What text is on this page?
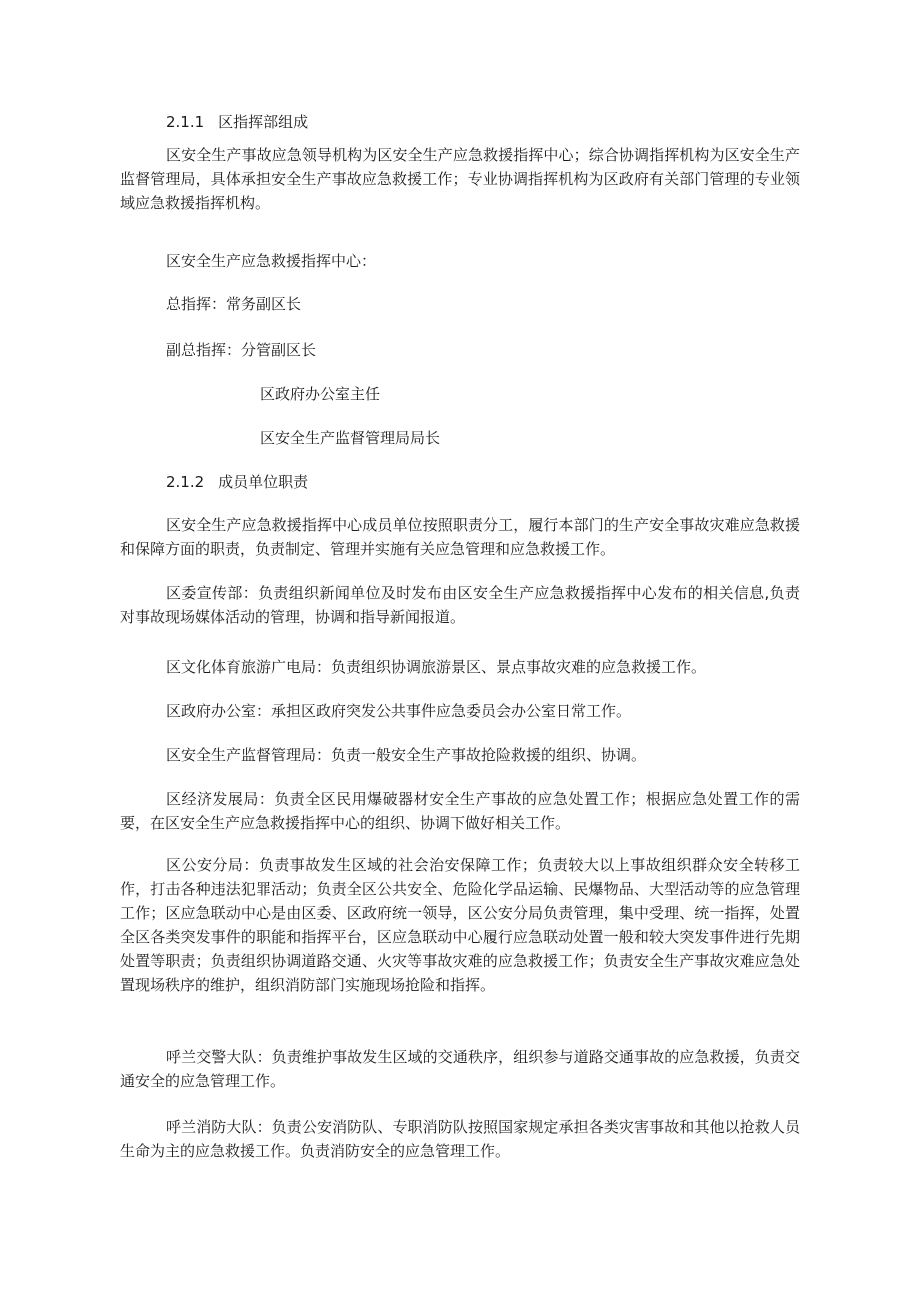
2.1.1 区指挥部组成

区安全生产事故应急领导机构为区安全生产应急救援指挥中心；综合协调指挥机构为区安全生产监督管理局，具体承担安全生产事故应急救援工作；专业协调指挥机构为区政府有关部门管理的专业领域应急救援指挥机构。

区安全生产应急救援指挥中心：
总指挥：常务副区长
副总指挥：分管副区长
区政府办公室主任
区安全生产监督管理局局长
2.1.2 成员单位职责

区安全生产应急救援指挥中心成员单位按照职责分工，履行本部门的生产安全事故灾难应急救援和保障方面的职责，负责制定、管理并实施有关应急管理和应急救援工作。

区委宣传部：负责组织新闻单位及时发布由区安全生产应急救援指挥中心发布的相关信息,负责对事故现场媒体活动的管理，协调和指导新闻报道。

区文化体育旅游广电局：负责组织协调旅游景区、景点事故灾难的应急救援工作。

区政府办公室：承担区政府突发公共事件应急委员会办公室日常工作。

区安全生产监督管理局：负责一般安全生产事故抢险救援的组织、协调。

区经济发展局：负责全区民用爆破器材安全生产事故的应急处置工作；根据应急处置工作的需要，在区安全生产应急救援指挥中心的组织、协调下做好相关工作。

区公安分局：负责事故发生区域的社会治安保障工作；负责较大以上事故组织群众安全转移工作，打击各种违法犯罪活动；负责全区公共安全、危险化学品运输、民爆物品、大型活动等的应急管理工作；区应急联动中心是由区委、区政府统一领导，区公安分局负责管理，集中受理、统一指挥，处置全区各类突发事件的职能和指挥平台，区应急联动中心履行应急联动处置一般和较大突发事件进行先期处置等职责；负责组织协调道路交通、火灾等事故灾难的应急救援工作；负责安全生产事故灾难应急处置现场秩序的维护，组织消防部门实施现场抢险和指挥。

呼兰交警大队：负责维护事故发生区域的交通秩序，组织参与道路交通事故的应急救援，负责交通安全的应急管理工作。

呼兰消防大队：负责公安消防队、专职消防队按照国家规定承担各类灾害事故和其他以抢救人员生命为主的应急救援工作。负责消防安全的应急管理工作。
